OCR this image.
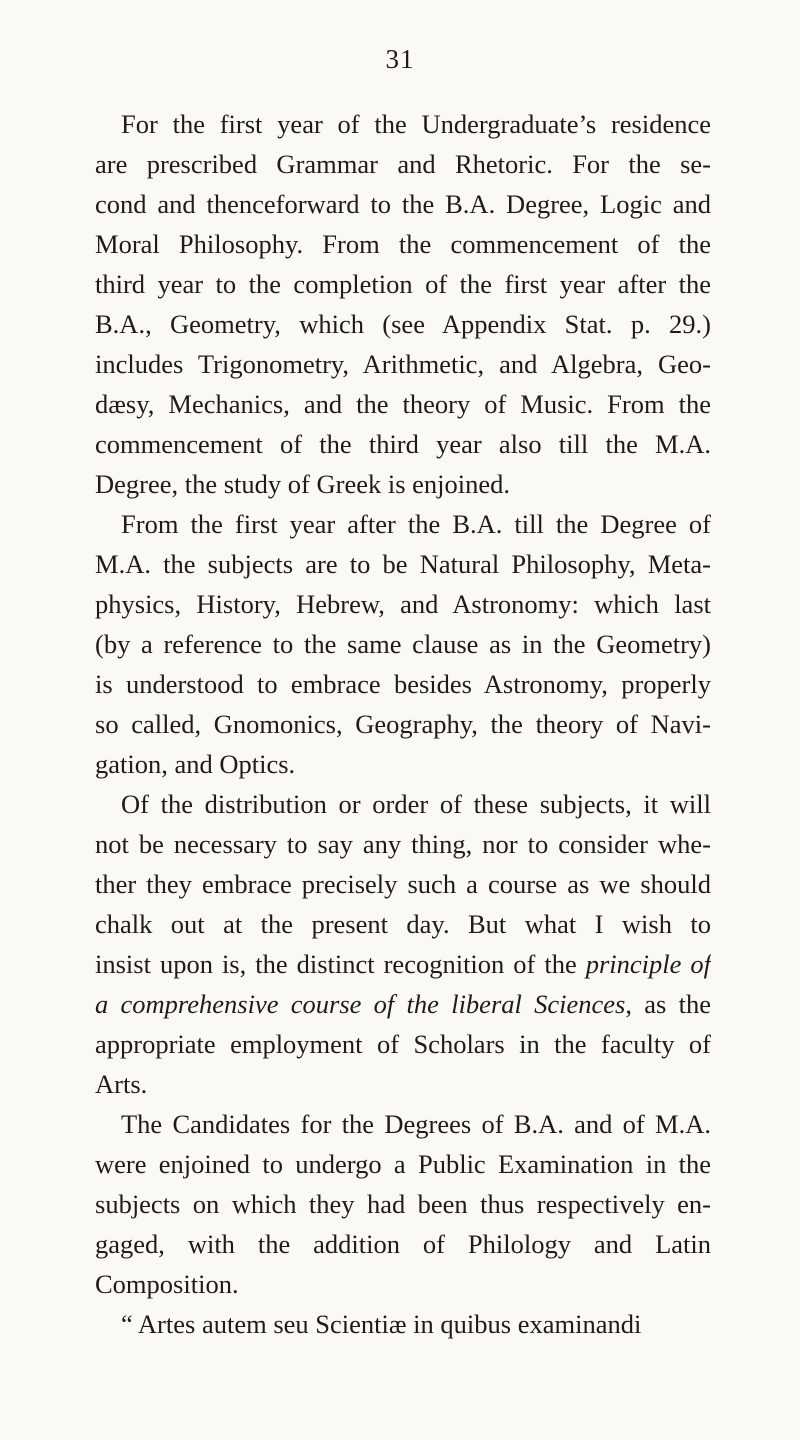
31
For the first year of the Undergraduate’s residence
are prescribed Grammar and Rhetoric. For the se-
cond and thenceforward to the B.A. Degree, Logic and
Moral Philosophy. From the commencement of the
third year to the completion of the first year after the
B.A., Geometry, which (see Appendix Stat. p. 29.)
includes Trigonometry, Arithmetic, and Algebra, Geo-
dæsy, Mechanics, and the theory of Music. From the
commencement of the third year also till the M.A.
Degree, the study of Greek is enjoined.
From the first year after the B.A. till the Degree of
M.A. the subjects are to be Natural Philosophy, Meta-
physics, History, Hebrew, and Astronomy: which last
(by a reference to the same clause as in the Geometry)
is understood to embrace besides Astronomy, properly
so called, Gnomonics, Geography, the theory of Navi-
gation, and Optics.
Of the distribution or order of these subjects, it will
not be necessary to say any thing, nor to consider whe-
ther they embrace precisely such a course as we should
chalk out at the present day. But what I wish to
insist upon is, the distinct recognition of the principle of
a comprehensive course of the liberal Sciences, as the
appropriate employment of Scholars in the faculty of
Arts.
The Candidates for the Degrees of B.A. and of M.A.
were enjoined to undergo a Public Examination in the
subjects on which they had been thus respectively en-
gaged, with the addition of Philology and Latin
Composition.
“ Artes autem seu Scientiæ in quibus examinandi
